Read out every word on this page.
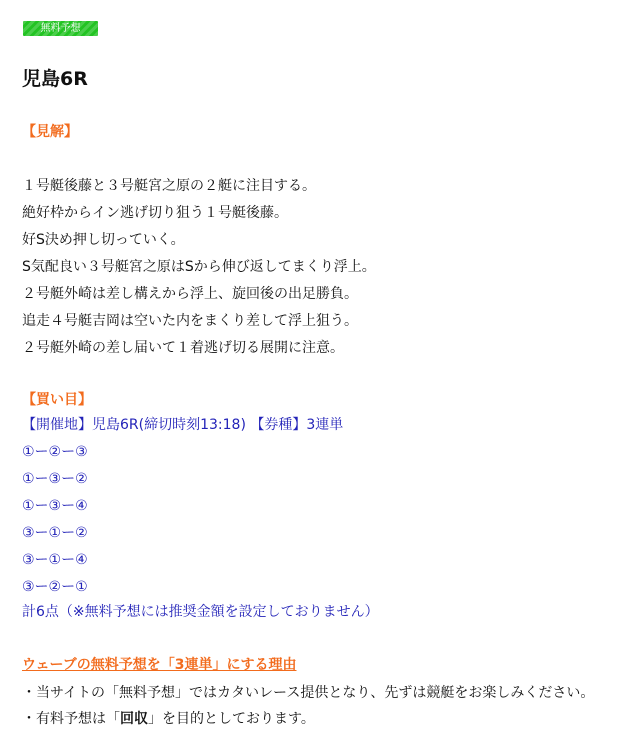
無料予想
児島6R
【見解】
１号艇後藤と３号艇宮之原の２艇に注目する。
絶好枠からイン逃げ切り狙う１号艇後藤。
好S決め押し切っていく。
S気配良い３号艇宮之原はSから伸び返してまくり浮上。
２号艇外崎は差し構えから浮上、旋回後の出足勝負。
追走４号艇吉岡は空いた内をまくり差して浮上狙う。
２号艇外崎の差し届いて１着逃げ切る展開に注意。
【買い目】
【開催地】児島6R(締切時刻13:18) 【券種】3連単
①ー②ー③
①ー③ー②
①ー③ー④
③ー①ー②
③ー①ー④
③ー②ー①
計6点（※無料予想には推奨金額を設定しておりません）
ウェーブの無料予想を「3連単」にする理由
・当サイトの「無料予想」ではカタいレース提供となり、先ずは競艇をお楽しみください。
・有料予想は「回収」を目的としております。
